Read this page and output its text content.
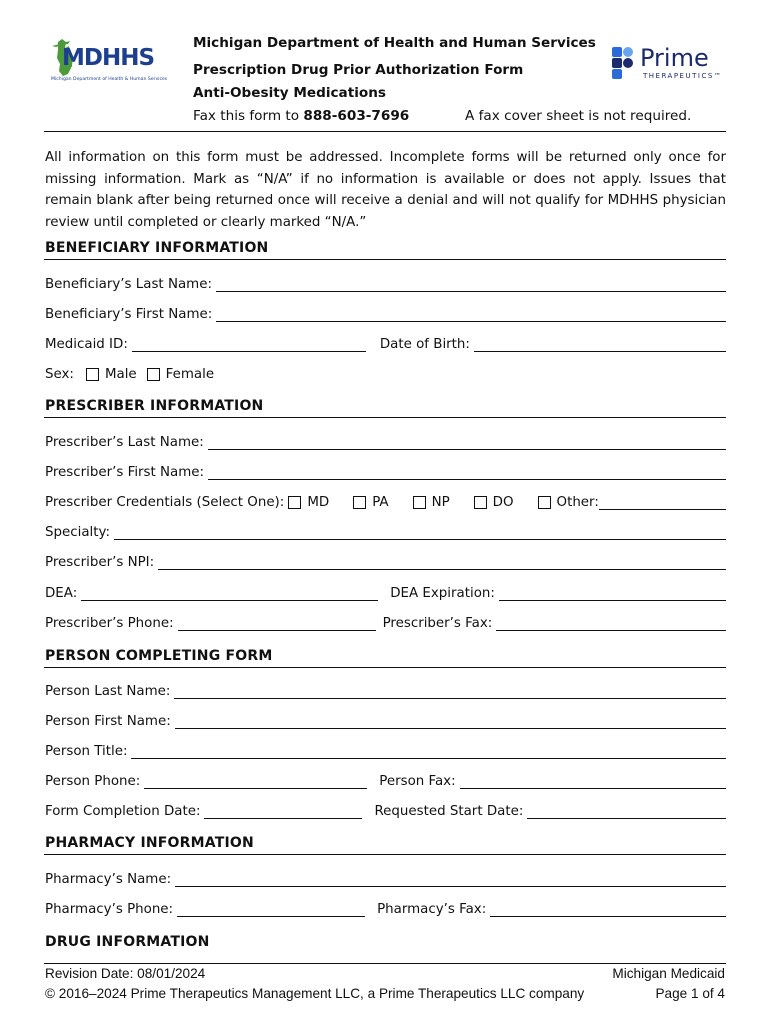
MDHHS
Michigan Department of Health & Human Services
Michigan Department of Health and Human Services
Prescription Drug Prior Authorization Form
Anti-Obesity Medications
Prime
THERAPEUTICS™
Fax this form to 888-603-7696	A fax cover sheet is not required.
All information on this form must be addressed. Incomplete forms will be returned only once for missing information. Mark as “N/A” if no information is available or does not apply. Issues that remain blank after being returned once will receive a denial and will not qualify for MDHHS physician review until completed or clearly marked “N/A.”
BENEFICIARY INFORMATION
Beneficiary’s Last Name:
Beneficiary’s First Name:
Medicaid ID:	Date of Birth:
Sex: Male Female
PRESCRIBER INFORMATION
Prescriber’s Last Name:
Prescriber’s First Name:
Prescriber Credentials (Select One): MD	PA	NP	DO	Other:
Specialty:
Prescriber’s NPI:
DEA:	DEA Expiration:
Prescriber’s Phone:	Prescriber’s Fax:
PERSON COMPLETING FORM
Person Last Name:
Person First Name:
Person Title:
Person Phone:	Person Fax:
Form Completion Date:	Requested Start Date:
PHARMACY INFORMATION
Pharmacy’s Name:
Pharmacy’s Phone:	Pharmacy’s Fax:
DRUG INFORMATION
Revision Date: 08/01/2024
© 2016–2024 Prime Therapeutics Management LLC, a Prime Therapeutics LLC company
Michigan Medicaid
Page 1 of 4
